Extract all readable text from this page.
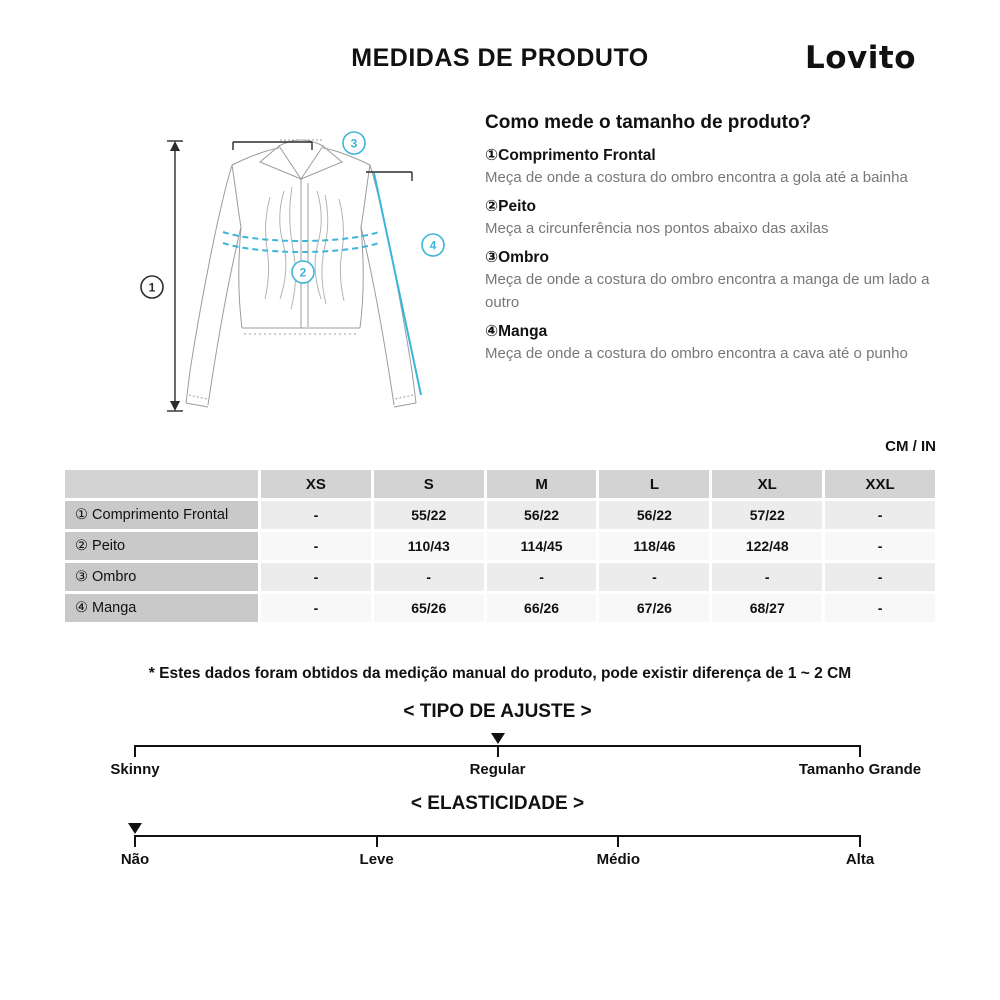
MEDIDAS DE PRODUTO	Lovito
1
2
3
4
Como mede o tamanho de produto?
①Comprimento Frontal
Meça de onde a costura do ombro encontra a gola até a bainha
②Peito
Meça a circunferência nos pontos abaixo das axilas
③Ombro
Meça de onde a costura do ombro encontra a manga de um lado a outro
④Manga
Meça de onde a costura do ombro encontra a cava até o punho
CM / IN
	XS	S	M	L	XL	XXL
① Comprimento Frontal	-	55/22	56/22	56/22	57/22	-
② Peito	-	110/43	114/45	118/46	122/48	-
③ Ombro	-	-	-	-	-	-
④ Manga	-	65/26	66/26	67/26	68/27	-
* Estes dados foram obtidos da medição manual do produto, pode existir diferença de 1 ~ 2 CM
< TIPO DE AJUSTE >
Skinny	Regular	Tamanho Grande
< ELASTICIDADE >
Não	Leve	Médio	Alta
